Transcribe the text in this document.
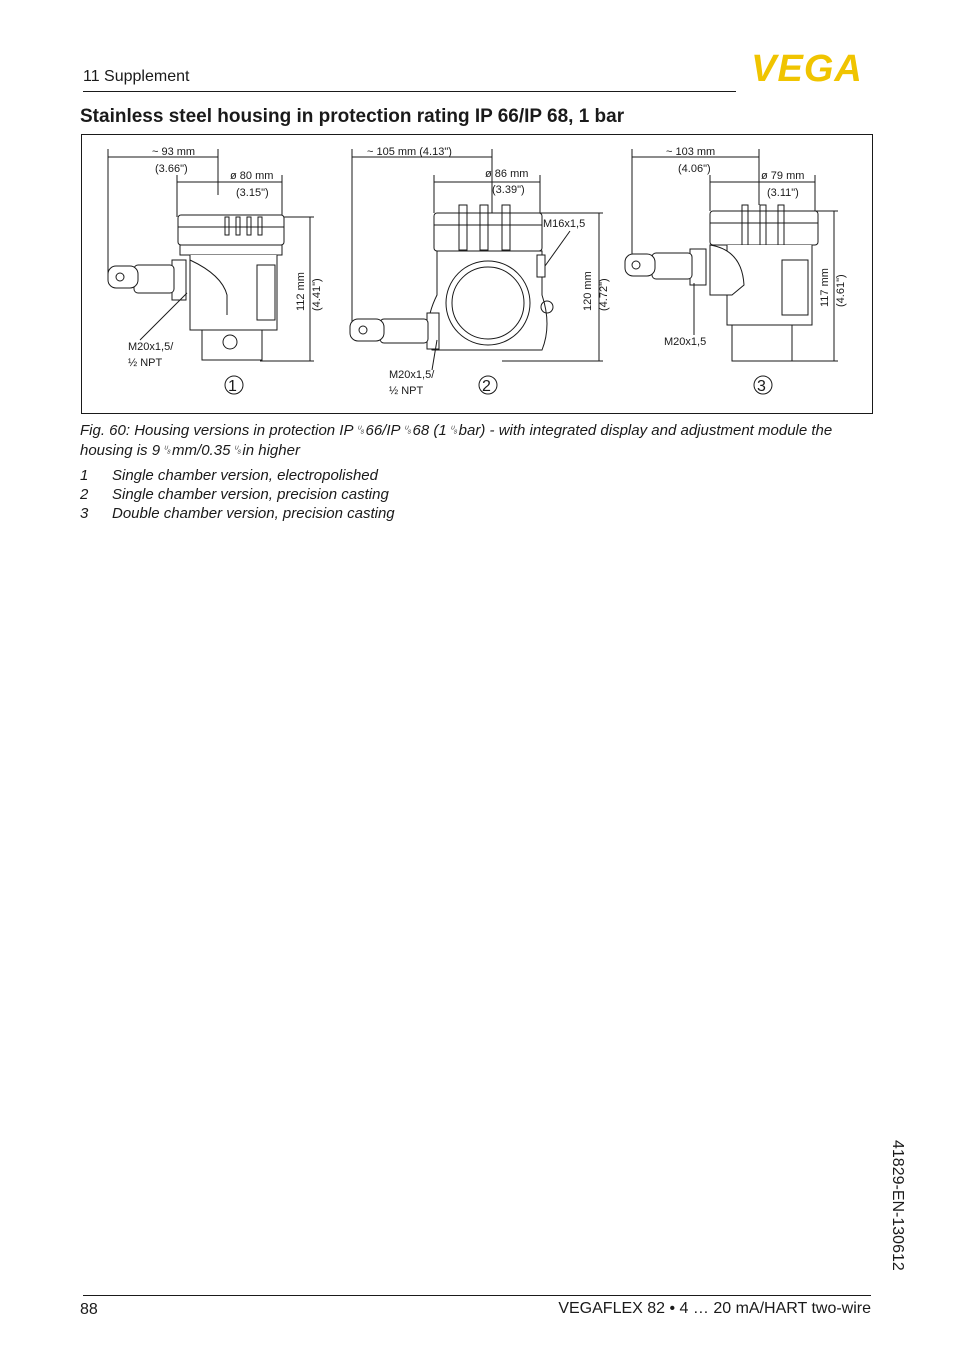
11 Supplement	VEGA
Stainless steel housing in protection rating IP 66/IP 68, 1 bar
~ 93 mm
(3.66")
ø 80 mm
(3.15")
112 mm (4.41")
M20x1,5/
½ NPT
1
~ 105 mm (4.13")
ø 86 mm
(3.39")
M16x1,5
120 mm (4.72")
M20x1,5/
½ NPT	2
~ 103 mm
(4.06")
ø 79 mm
(3.11")
117 mm (4.61")
M20x1,5
3
Fig. 60: Housing versions in protection IP␟66/IP␟68 (1␟bar) - with integrated display and adjustment module the housing is 9␟mm/0.35␟in higher
1	Single chamber version, electropolished
2	Single chamber version, precision casting
3	Double chamber version, precision casting
41829-EN-130612
88	VEGAFLEX 82 • 4 … 20 mA/HART two-wire
